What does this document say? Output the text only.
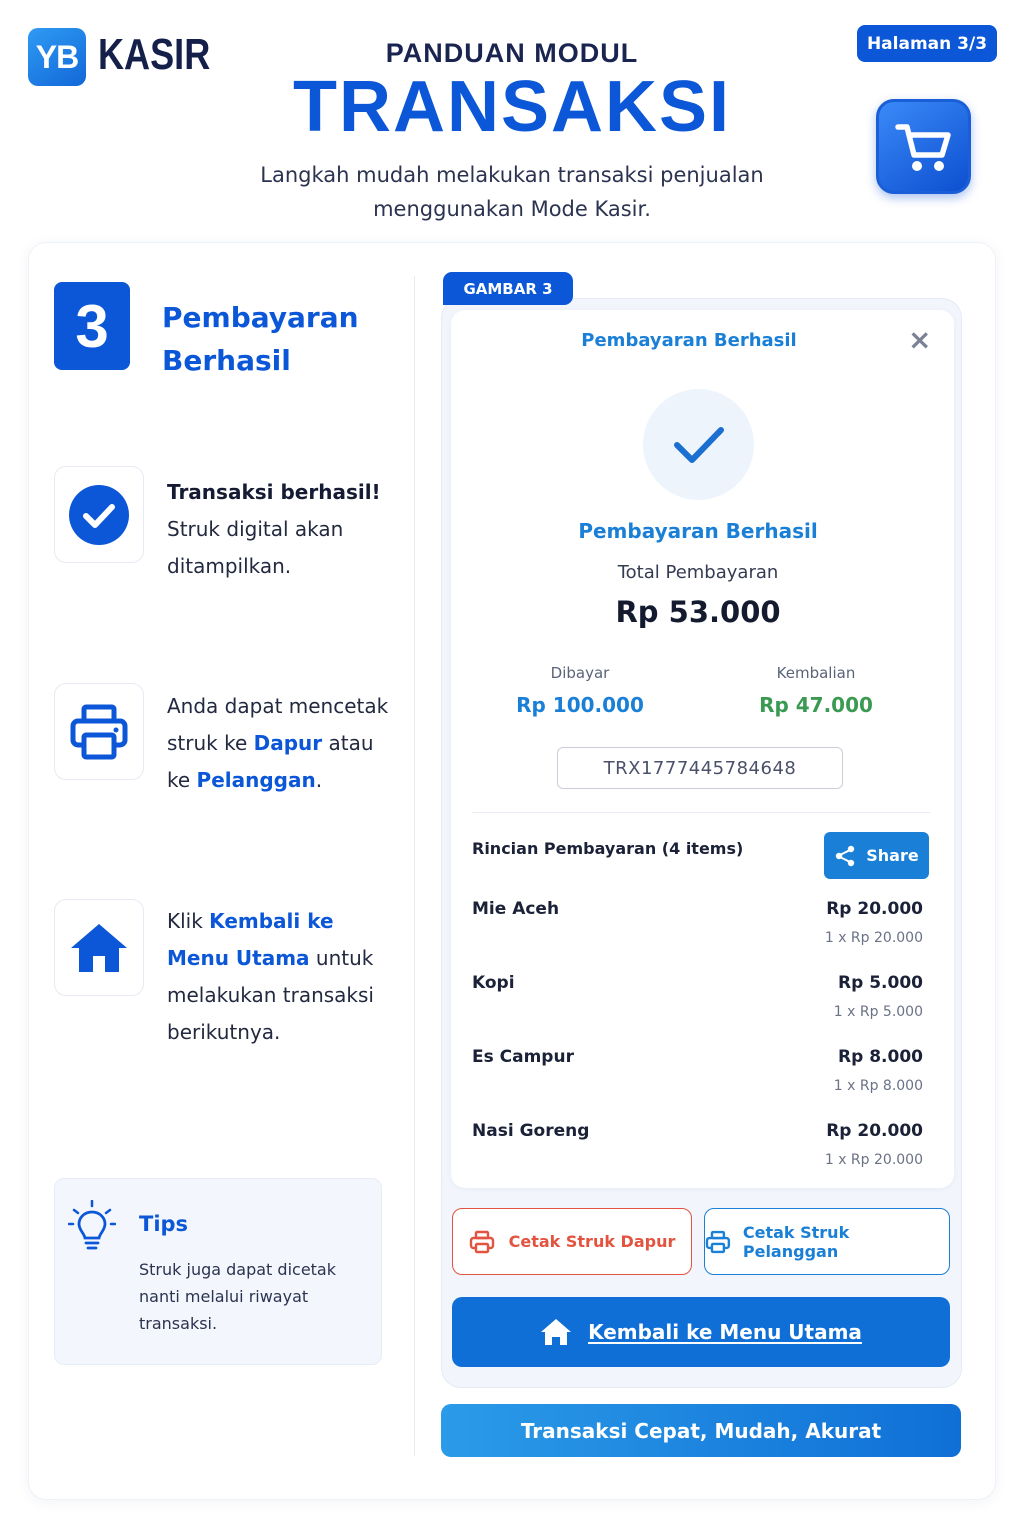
YB KASIR	PANDUAN MODUL
TRANSAKSI
Langkah mudah melakukan transaksi penjualan
menggunakan Mode Kasir.
Halaman 3/3
3	Pembayaran
Berhasil
Transaksi berhasil!
Struk digital akan ditampilkan.
Anda dapat mencetak struk ke Dapur atau ke Pelanggan.
Klik Kembali ke Menu Utama untuk melakukan transaksi berikutnya.
Tips
Struk juga dapat dicetak nanti melalui riwayat transaksi.
GAMBAR 3
Pembayaran Berhasil	×
Pembayaran Berhasil
Total Pembayaran
Rp 53.000
Dibayar
Rp 100.000
Kembalian
Rp 47.000
TRX1777445784648
Rincian Pembayaran (4 items)	Share
Mie Aceh	Rp 20.000
1 x Rp 20.000
Kopi	Rp 5.000
1 x Rp 5.000
Es Campur	Rp 8.000
1 x Rp 8.000
Nasi Goreng	Rp 20.000
1 x Rp 20.000
Cetak Struk Dapur	Cetak Struk Pelanggan
Kembali ke Menu Utama
Transaksi Cepat, Mudah, Akurat
